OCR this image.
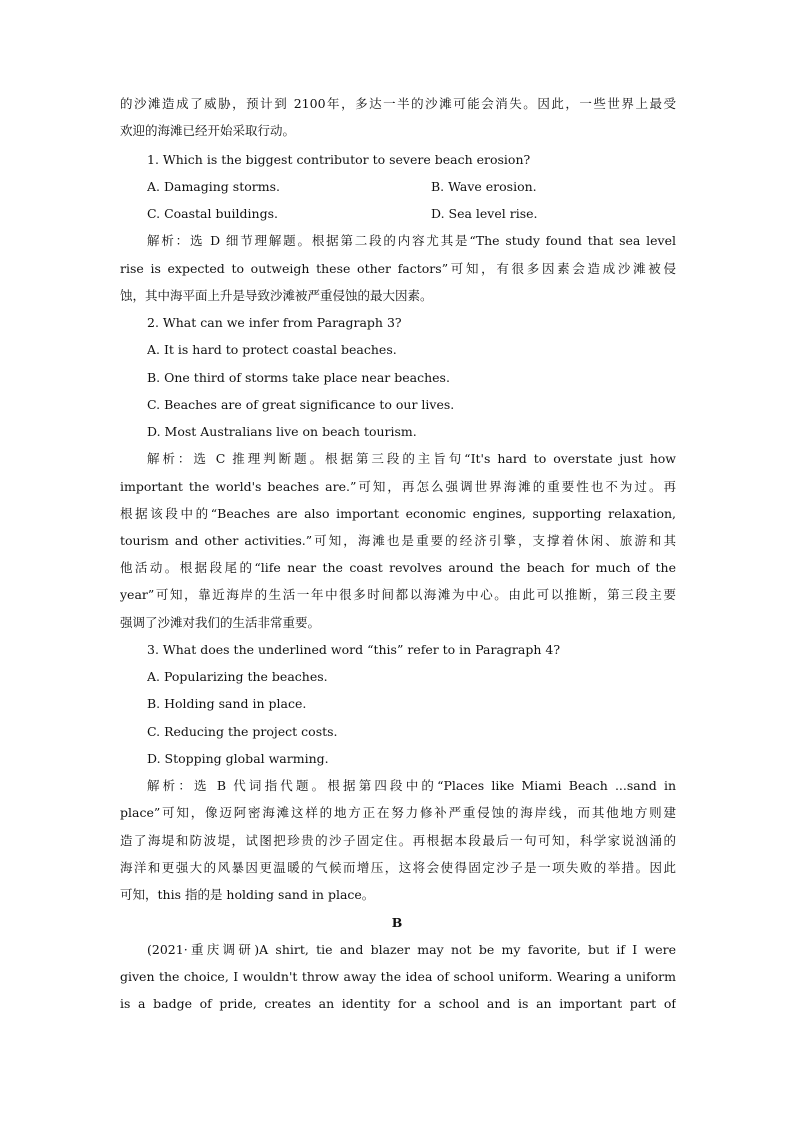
的沙滩造成了威胁，预计到 2100年，多达一半的沙滩可能会消失。因此，一些世界上最受
欢迎的海滩已经开始采取行动。
1. Which is the biggest contributor to severe beach erosion?
A. Damaging storms.	B. Wave erosion.
C. Coastal buildings.	D. Sea level rise.
解析：选 D 细节理解题。根据第二段的内容尤其是“The study found that sea level
rise is expected to outweigh these other factors”可知，有很多因素会造成沙滩被侵
蚀，其中海平面上升是导致沙滩被严重侵蚀的最大因素。
2. What can we infer from Paragraph 3?
A. It is hard to protect coastal beaches.
B. One third of storms take place near beaches.
C. Beaches are of great significance to our lives.
D. Most Australians live on beach tourism.
解析：选 C 推理判断题。根据第三段的主旨句“It's hard to overstate just how
important the world's beaches are.”可知，再怎么强调世界海滩的重要性也不为过。再
根据该段中的“Beaches are also important economic engines, supporting relaxation,
tourism and other activities.”可知，海滩也是重要的经济引擎，支撑着休闲、旅游和其
他活动。根据段尾的“life near the coast revolves around the beach for much of the
year”可知，靠近海岸的生活一年中很多时间都以海滩为中心。由此可以推断，第三段主要
强调了沙滩对我们的生活非常重要。
3. What does the underlined word “this” refer to in Paragraph 4?
A. Popularizing the beaches.
B. Holding sand in place.
C. Reducing the project costs.
D. Stopping global warming.
解析：选 B 代词指代题。根据第四段中的“Places like Miami Beach ...sand in
place”可知，像迈阿密海滩这样的地方正在努力修补严重侵蚀的海岸线，而其他地方则建
造了海堤和防波堤，试图把珍贵的沙子固定住。再根据本段最后一句可知，科学家说汹涌的
海洋和更强大的风暴因更温暖的气候而增压，这将会使得固定沙子是一项失败的举措。因此
可知，this 指的是 holding sand in place。
B
(2021·重庆调研)A shirt, tie and blazer may not be my favorite, but if I were
given the choice, I wouldn't throw away the idea of school uniform. Wearing a uniform
is a badge of pride, creates an identity for a school and is an important part of
